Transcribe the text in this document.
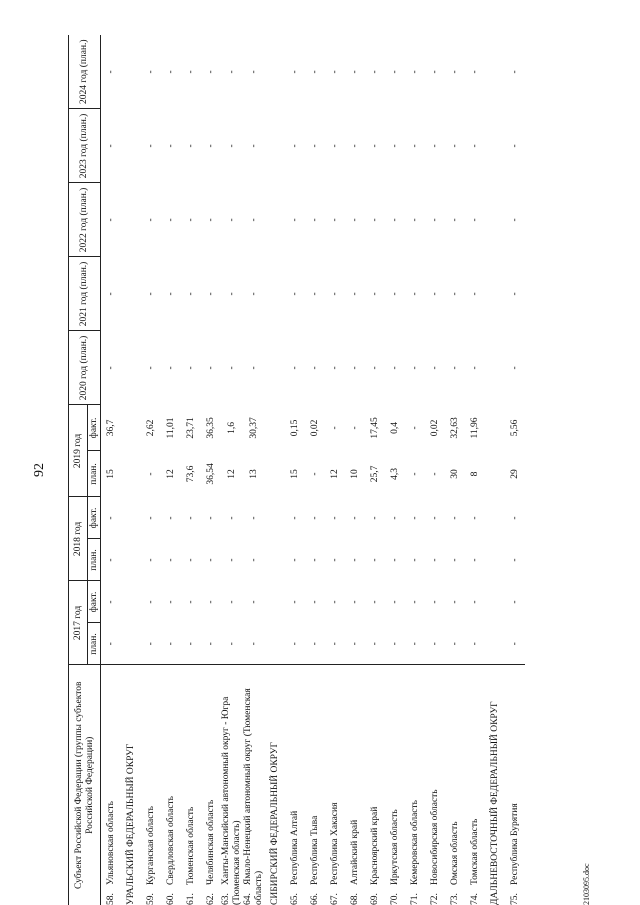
92
Субъект Российской Федерации (группы субъектов Российской Федерации)	2017 год		2018 год		2019 год		2020 год (план.)	2021 год (план.)	2022 год (план.)	2023 год (план.)	2024 год (план.)
	план.	факт.	план.	факт.	план.	факт.					
58.Ульяновская область	-	-	-	-	15	36,7	-	-	-	-	-
УРАЛЬСКИЙ ФЕДЕРАЛЬНЫЙ ОКРУГ											
59.Курганская область	-	-	-	-	-	2,62	-	-	-	-	-
60.Свердловская область	-	-	-	-	12	11,01	-	-	-	-	-
61.Тюменская область	-	-	-	-	73,6	23,71	-	-	-	-	-
62.Челябинская область	-	-	-	-	36,54	36,35	-	-	-	-	-
63.Ханты-Мансийский автономный округ - Югра (Тюменская область)	-	-	-	-	12	1,6	-	-	-	-	-
64.Ямало-Ненецкий автономный округ (Тюменская область)	-	-	-	-	13	30,37	-	-	-	-	-
СИБИРСКИЙ ФЕДЕРАЛЬНЫЙ ОКРУГ											
65.Республика Алтай	-	-	-	-	15	0,15	-	-	-	-	-
66.Республика Тыва	-	-	-	-	-	0,02	-	-	-	-	-
67.Республика Хакасия	-	-	-	-	12	-	-	-	-	-	-
68.Алтайский край	-	-	-	-	10	-	-	-	-	-	-
69.Красноярский край	-	-	-	-	25,7	17,45	-	-	-	-	-
70.Иркутская область	-	-	-	-	4,3	0,4	-	-	-	-	-
71.Кемеровская область	-	-	-	-	-	-	-	-	-	-	-
72.Новосибирская область	-	-	-	-	-	0,02	-	-	-	-	-
73.Омская область	-	-	-	-	30	32,63	-	-	-	-	-
74.Томская область	-	-	-	-	8	11,96	-	-	-	-	-
ДАЛЬНЕВОСТОЧНЫЙ ФЕДЕРАЛЬНЫЙ ОКРУГ											
75.Республика Бурятия	-	-	-	-	29	5,56	-	-	-	-	-
2103095.doc
